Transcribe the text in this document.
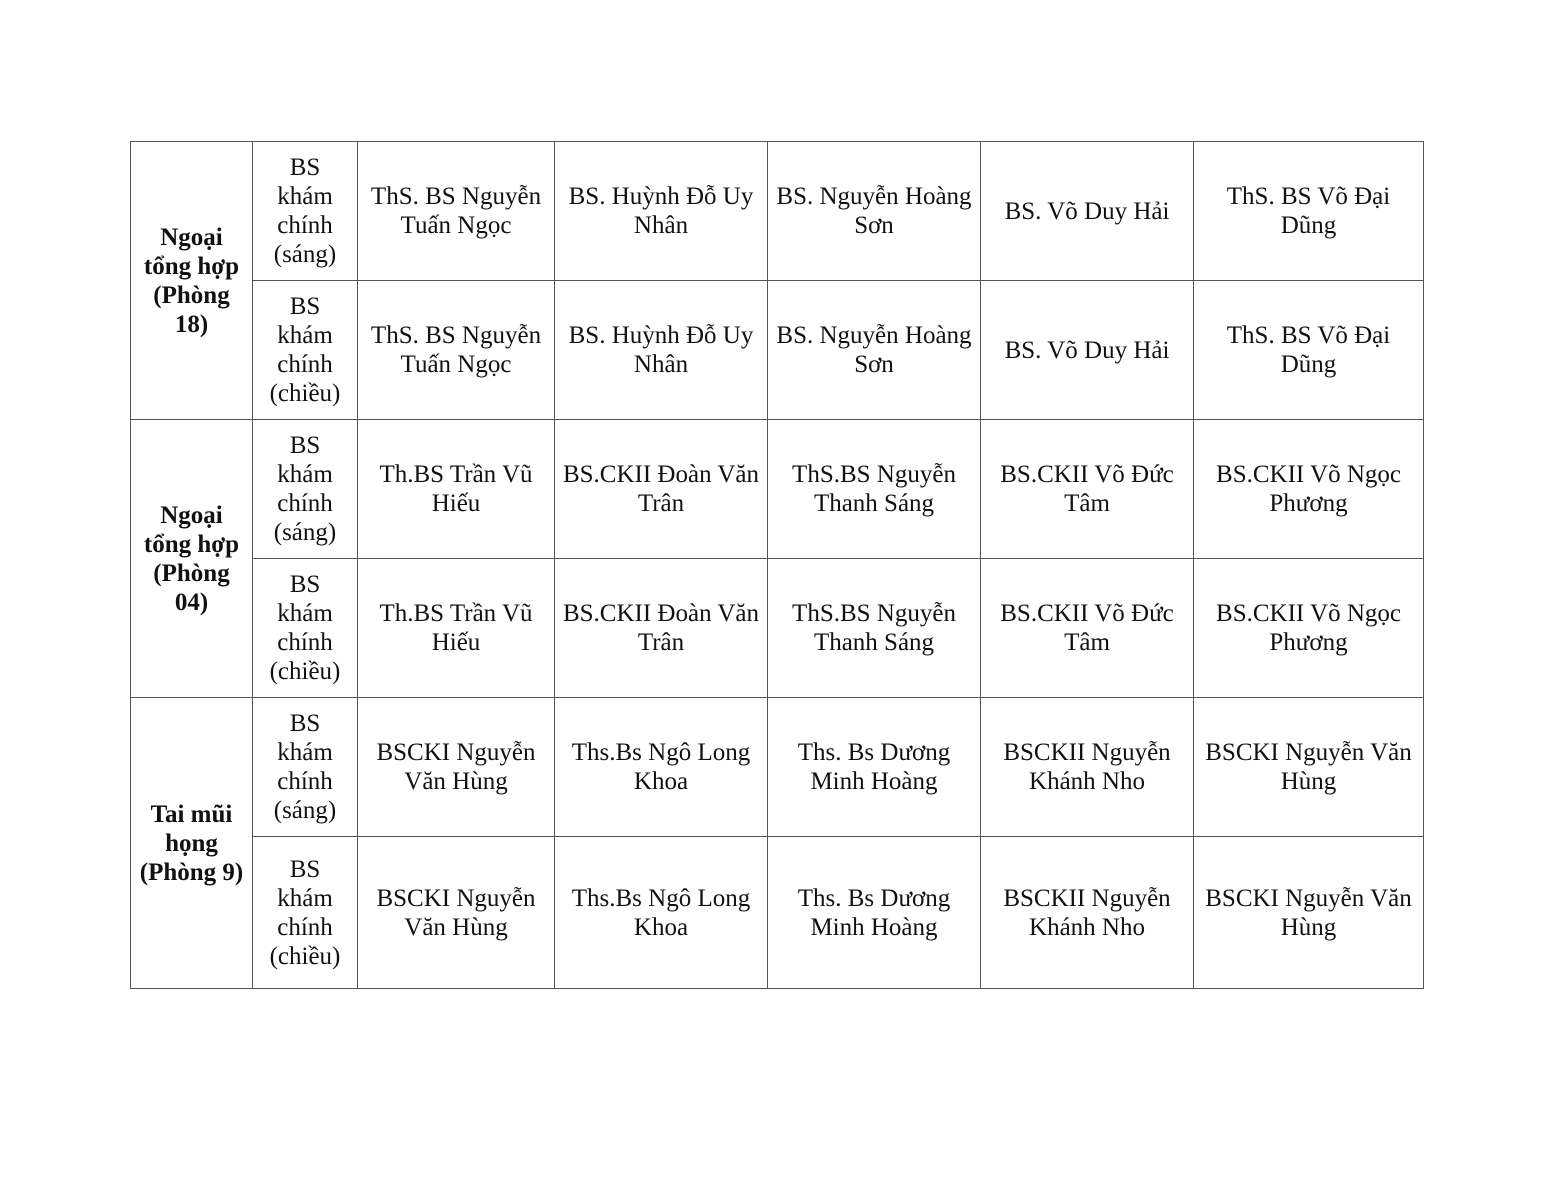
Ngoại tổng hợp (Phòng 18)	BS khám chính (sáng)	ThS. BS Nguyễn Tuấn Ngọc	BS. Huỳnh Đỗ Uy Nhân	BS. Nguyễn Hoàng Sơn	BS. Võ Duy Hải	ThS. BS Võ Đại Dũng
	BS khám chính (chiều)	ThS. BS Nguyễn Tuấn Ngọc	BS. Huỳnh Đỗ Uy Nhân	BS. Nguyễn Hoàng Sơn	BS. Võ Duy Hải	ThS. BS Võ Đại Dũng
Ngoại tổng hợp (Phòng 04)	BS khám chính (sáng)	Th.BS Trần Vũ Hiếu	BS.CKII Đoàn Văn Trân	ThS.BS Nguyễn Thanh Sáng	BS.CKII Võ Đức Tâm	BS.CKII Võ Ngọc Phương
	BS khám chính (chiều)	Th.BS Trần Vũ Hiếu	BS.CKII Đoàn Văn Trân	ThS.BS Nguyễn Thanh Sáng	BS.CKII Võ Đức Tâm	BS.CKII Võ Ngọc Phương
Tai mũi họng (Phòng 9)	BS khám chính (sáng)	BSCKI Nguyễn Văn Hùng	Ths.Bs Ngô Long Khoa	Ths. Bs Dương Minh Hoàng	BSCKII Nguyễn Khánh Nho	BSCKI Nguyễn Văn Hùng
	BS khám chính (chiều)	BSCKI Nguyễn Văn Hùng	Ths.Bs Ngô Long Khoa	Ths. Bs Dương Minh Hoàng	BSCKII Nguyễn Khánh Nho	BSCKI Nguyễn Văn Hùng
